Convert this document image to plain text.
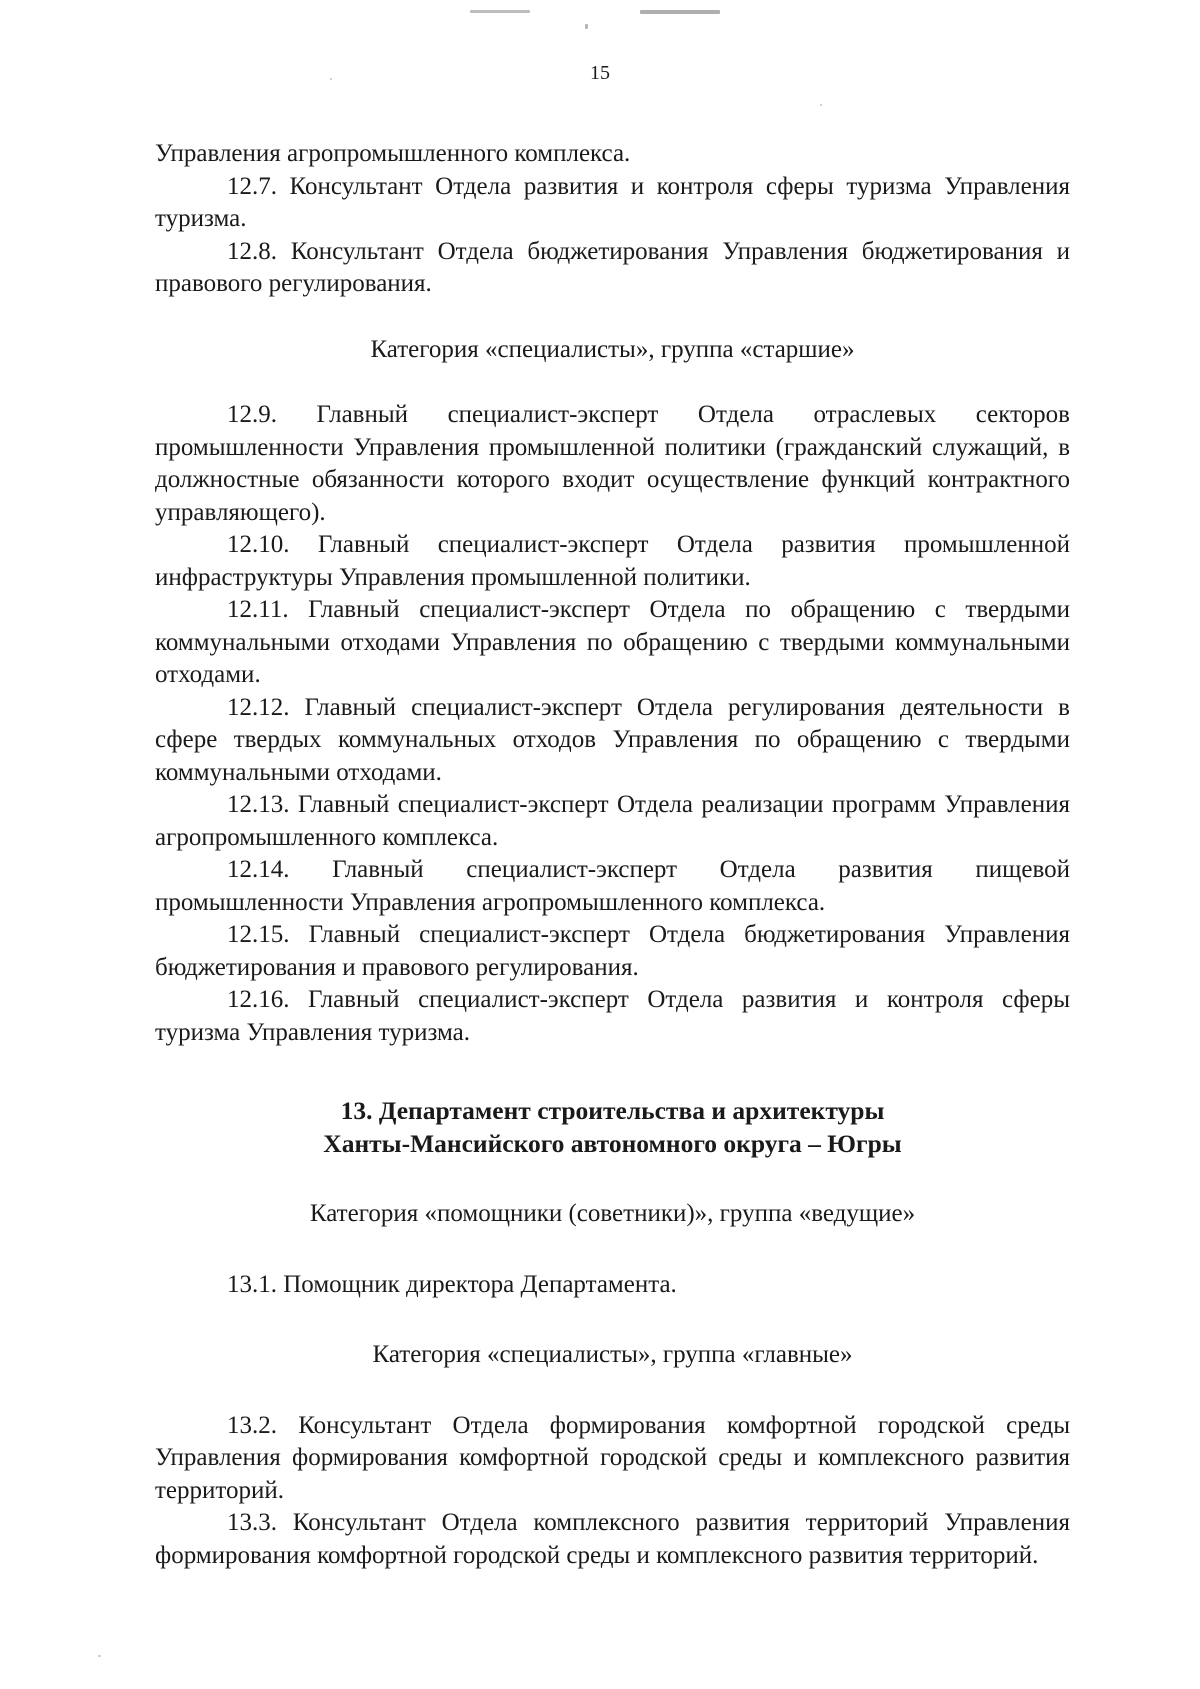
15

Управления агропромышленного комплекса.

12.7. Консультант Отдела развития и контроля сферы туризма Управления туризма.

12.8. Консультант Отдела бюджетирования Управления бюджетирования и правового регулирования.

Категория «специалисты», группа «старшие»

12.9. Главный специалист-эксперт Отдела отраслевых секторов промышленности Управления промышленной политики (гражданский служащий, в должностные обязанности которого входит осуществление функций контрактного управляющего).

12.10. Главный специалист-эксперт Отдела развития промышленной инфраструктуры Управления промышленной политики.

12.11. Главный специалист-эксперт Отдела по обращению с твердыми коммунальными отходами Управления по обращению с твердыми коммунальными отходами.

12.12. Главный специалист-эксперт Отдела регулирования деятельности в сфере твердых коммунальных отходов Управления по обращению с твердыми коммунальными отходами.

12.13. Главный специалист-эксперт Отдела реализации программ Управления агропромышленного комплекса.

12.14. Главный специалист-эксперт Отдела развития пищевой промышленности Управления агропромышленного комплекса.

12.15. Главный специалист-эксперт Отдела бюджетирования Управления бюджетирования и правового регулирования.

12.16. Главный специалист-эксперт Отдела развития и контроля сферы туризма Управления туризма.

13. Департамент строительства и архитектуры

Ханты-Мансийского автономного округа – Югры

Категория «помощники (советники)», группа «ведущие»

13.1. Помощник директора Департамента.

Категория «специалисты», группа «главные»

13.2. Консультант Отдела формирования комфортной городской среды Управления формирования комфортной городской среды и комплексного развития территорий.

13.3. Консультант Отдела комплексного развития территорий Управления формирования комфортной городской среды и комплексного развития территорий.
